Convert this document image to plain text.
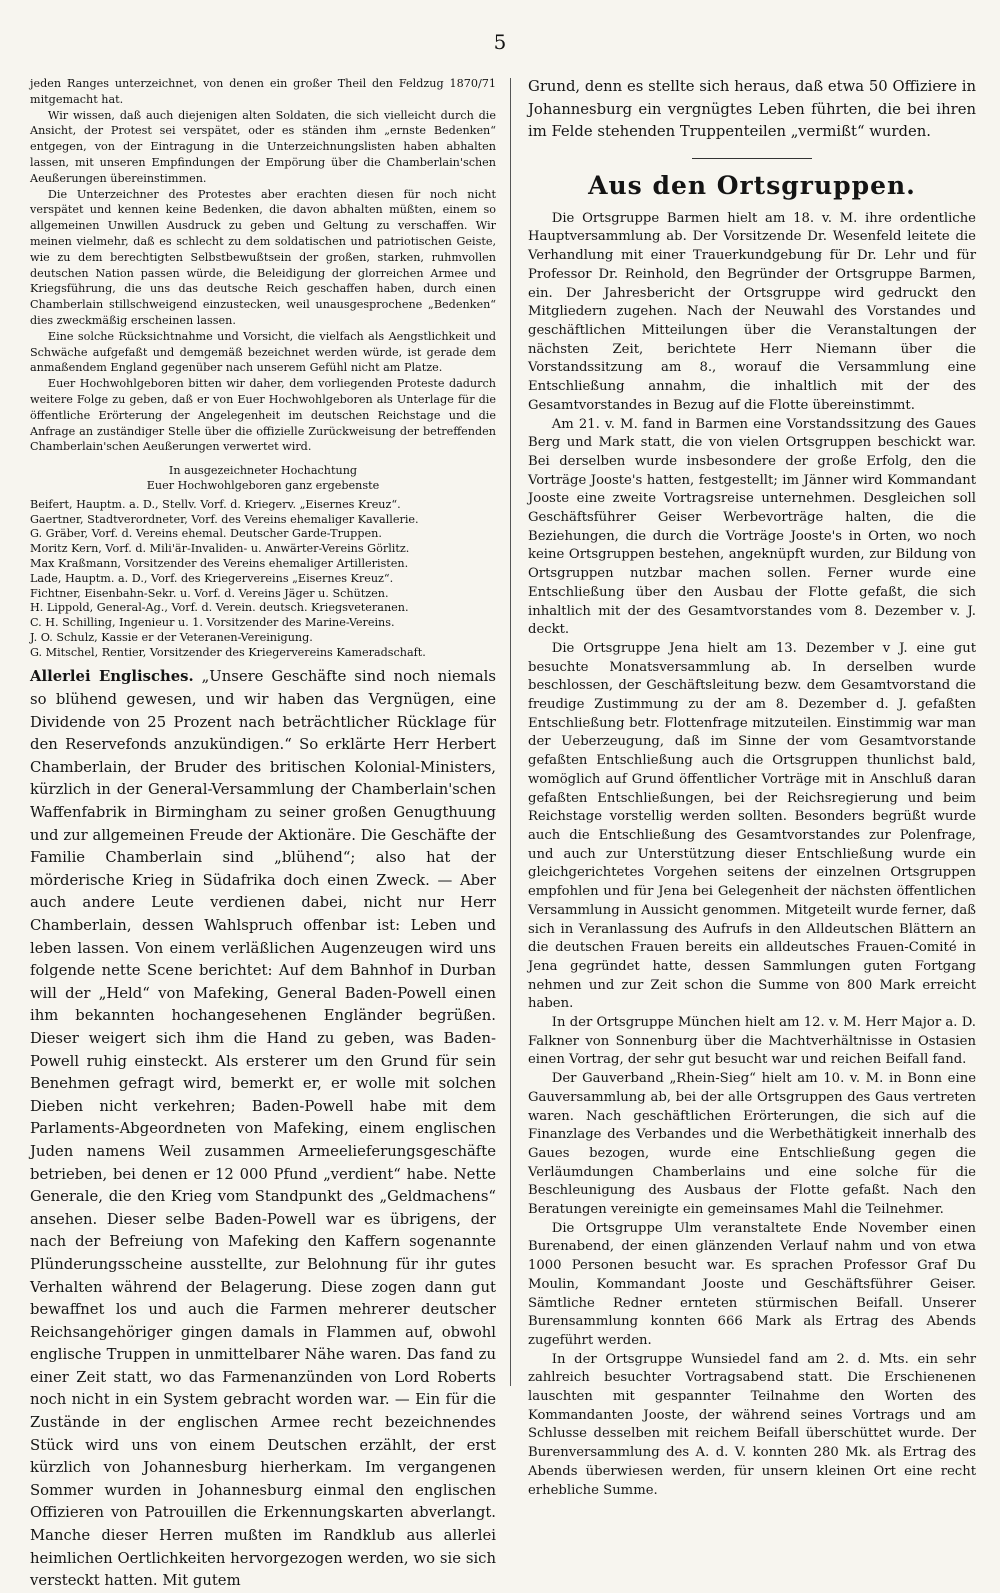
5

jeden Ranges unterzeichnet, von denen ein großer Theil den Feldzug 1870/71 mitgemacht hat.

Wir wissen, daß auch diejenigen alten Soldaten, die sich vielleicht durch die Ansicht, der Protest sei verspätet, oder es ständen ihm „ernste Bedenken“ entgegen, von der Eintragung in die Unterzeichnungslisten haben abhalten lassen, mit unseren Empfindungen der Empörung über die Chamberlain'schen Aeußerungen übereinstimmen.

Die Unterzeichner des Protestes aber erachten diesen für noch nicht verspätet und kennen keine Bedenken, die davon abhalten müßten, einem so allgemeinen Unwillen Ausdruck zu geben und Geltung zu verschaffen. Wir meinen vielmehr, daß es schlecht zu dem soldatischen und patriotischen Geiste, wie zu dem berechtigten Selbstbewußtsein der großen, starken, ruhmvollen deutschen Nation passen würde, die Beleidigung der glorreichen Armee und Kriegsführung, die uns das deutsche Reich geschaffen haben, durch einen Chamberlain stillschweigend einzustecken, weil unausgesprochene „Bedenken“ dies zweckmäßig erscheinen lassen.

Eine solche Rücksichtnahme und Vorsicht, die vielfach als Aengstlichkeit und Schwäche aufgefaßt und demgemäß bezeichnet werden würde, ist gerade dem anmaßendem England gegenüber nach unserem Gefühl nicht am Platze.

Euer Hochwohlgeboren bitten wir daher, dem vorliegenden Proteste dadurch weitere Folge zu geben, daß er von Euer Hochwohlgeboren als Unterlage für die öffentliche Erörterung der Angelegenheit im deutschen Reichstage und die Anfrage an zuständiger Stelle über die offizielle Zurückweisung der betreffenden Chamberlain'schen Aeußerungen verwertet wird.

In ausgezeichneter Hochachtung

Euer Hochwohlgeboren ganz ergebenste

Beifert, Hauptm. a. D., Stellv. Vorf. d. Kriegerv. „Eisernes Kreuz“.

Gaertner, Stadtverordneter, Vorf. des Vereins ehemaliger Kavallerie.

G. Gräber, Vorf. d. Vereins ehemal. Deutscher Garde-Truppen.

Moritz Kern, Vorf. d. Mili'är-Invaliden- u. Anwärter-Vereins Görlitz.

Max Kraßmann, Vorsitzender des Vereins ehemaliger Artilleristen.

Lade, Hauptm. a. D., Vorf. des Kriegervereins „Eisernes Kreuz“.

Fichtner, Eisenbahn-Sekr. u. Vorf. d. Vereins Jäger u. Schützen.

H. Lippold, General-Ag., Vorf. d. Verein. deutsch. Kriegsveteranen.

C. H. Schilling, Ingenieur u. 1. Vorsitzender des Marine-Vereins.

J. O. Schulz, Kassie er der Veteranen-Vereinigung.

G. Mitschel, Rentier, Vorsitzender des Kriegervereins Kameradschaft.

Allerlei Englisches. „Unsere Geschäfte sind noch niemals so blühend gewesen, und wir haben das Vergnügen, eine Dividende von 25 Prozent nach beträchtlicher Rücklage für den Reservefonds anzukündigen.“ So erklärte Herr Herbert Chamberlain, der Bruder des britischen Kolonial-Ministers, kürzlich in der General-Versammlung der Chamberlain'schen Waffenfabrik in Birmingham zu seiner großen Genugthuung und zur allgemeinen Freude der Aktionäre. Die Geschäfte der Familie Chamberlain sind „blühend“; also hat der mörderische Krieg in Südafrika doch einen Zweck. — Aber auch andere Leute verdienen dabei, nicht nur Herr Chamberlain, dessen Wahlspruch offenbar ist: Leben und leben lassen. Von einem verläßlichen Augenzeugen wird uns folgende nette Scene berichtet: Auf dem Bahnhof in Durban will der „Held“ von Mafeking, General Baden-Powell einen ihm bekannten hochangesehenen Engländer begrüßen. Dieser weigert sich ihm die Hand zu geben, was Baden-Powell ruhig einsteckt. Als ersterer um den Grund für sein Benehmen gefragt wird, bemerkt er, er wolle mit solchen Dieben nicht verkehren; Baden-Powell habe mit dem Parlaments-Abgeordneten von Mafeking, einem englischen Juden namens Weil zusammen Armeelieferungsgeschäfte betrieben, bei denen er 12 000 Pfund „verdient“ habe. Nette Generale, die den Krieg vom Standpunkt des „Geldmachens“ ansehen. Dieser selbe Baden-Powell war es übrigens, der nach der Befreiung von Mafeking den Kaffern sogenannte Plünderungsscheine ausstellte, zur Belohnung für ihr gutes Verhalten während der Belagerung. Diese zogen dann gut bewaffnet los und auch die Farmen mehrerer deutscher Reichsangehöriger gingen damals in Flammen auf, obwohl englische Truppen in unmittelbarer Nähe waren. Das fand zu einer Zeit statt, wo das Farmenanzünden von Lord Roberts noch nicht in ein System gebracht worden war. — Ein für die Zustände in der englischen Armee recht bezeichnendes Stück wird uns von einem Deutschen erzählt, der erst kürzlich von Johannesburg hierherkam. Im vergangenen Sommer wurden in Johannesburg einmal den englischen Offizieren von Patrouillen die Erkennungskarten abverlangt. Manche dieser Herren mußten im Randklub aus allerlei heimlichen Oertlichkeiten hervorgezogen werden, wo sie sich versteckt hatten. Mit gutem

Grund, denn es stellte sich heraus, daß etwa 50 Offiziere in Johannesburg ein vergnügtes Leben führten, die bei ihren im Felde stehenden Truppenteilen „vermißt“ wurden.

Aus den Ortsgruppen.

Die Ortsgruppe Barmen hielt am 18. v. M. ihre ordentliche Hauptversammlung ab. Der Vorsitzende Dr. Wesenfeld leitete die Verhandlung mit einer Trauerkundgebung für Dr. Lehr und für Professor Dr. Reinhold, den Begründer der Ortsgruppe Barmen, ein. Der Jahresbericht der Ortsgruppe wird gedruckt den Mitgliedern zugehen. Nach der Neuwahl des Vorstandes und geschäftlichen Mitteilungen über die Veranstaltungen der nächsten Zeit, berichtete Herr Niemann über die Vorstandssitzung am 8., worauf die Versammlung eine Entschließung annahm, die inhaltlich mit der des Gesamtvorstandes in Bezug auf die Flotte übereinstimmt.

Am 21. v. M. fand in Barmen eine Vorstandssitzung des Gaues Berg und Mark statt, die von vielen Ortsgruppen beschickt war. Bei derselben wurde insbesondere der große Erfolg, den die Vorträge Jooste's hatten, festgestellt; im Jänner wird Kommandant Jooste eine zweite Vortragsreise unternehmen. Desgleichen soll Geschäftsführer Geiser Werbevorträge halten, die die Beziehungen, die durch die Vorträge Jooste's in Orten, wo noch keine Ortsgruppen bestehen, angeknüpft wurden, zur Bildung von Ortsgruppen nutzbar machen sollen. Ferner wurde eine Entschließung über den Ausbau der Flotte gefaßt, die sich inhaltlich mit der des Gesamtvorstandes vom 8. Dezember v. J. deckt.

Die Ortsgruppe Jena hielt am 13. Dezember v J. eine gut besuchte Monatsversammlung ab. In derselben wurde beschlossen, der Geschäftsleitung bezw. dem Gesamtvorstand die freudige Zustimmung zu der am 8. Dezember d. J. gefaßten Entschließung betr. Flottenfrage mitzuteilen. Einstimmig war man der Ueberzeugung, daß im Sinne der vom Gesamtvorstande gefaßten Entschließung auch die Ortsgruppen thunlichst bald, womöglich auf Grund öffentlicher Vorträge mit in Anschluß daran gefaßten Entschließungen, bei der Reichsregierung und beim Reichstage vorstellig werden sollten. Besonders begrüßt wurde auch die Entschließung des Gesamtvorstandes zur Polenfrage, und auch zur Unterstützung dieser Entschließung wurde ein gleichgerichtetes Vorgehen seitens der einzelnen Ortsgruppen empfohlen und für Jena bei Gelegenheit der nächsten öffentlichen Versammlung in Aussicht genommen. Mitgeteilt wurde ferner, daß sich in Veranlassung des Aufrufs in den Alldeutschen Blättern an die deutschen Frauen bereits ein alldeutsches Frauen-Comité in Jena gegründet hatte, dessen Sammlungen guten Fortgang nehmen und zur Zeit schon die Summe von 800 Mark erreicht haben.

In der Ortsgruppe München hielt am 12. v. M. Herr Major a. D. Falkner von Sonnenburg über die Machtverhältnisse in Ostasien einen Vortrag, der sehr gut besucht war und reichen Beifall fand.

Der Gauverband „Rhein-Sieg“ hielt am 10. v. M. in Bonn eine Gauversammlung ab, bei der alle Ortsgruppen des Gaus vertreten waren. Nach geschäftlichen Erörterungen, die sich auf die Finanzlage des Verbandes und die Werbethätigkeit innerhalb des Gaues bezogen, wurde eine Entschließung gegen die Verläumdungen Chamberlains und eine solche für die Beschleunigung des Ausbaus der Flotte gefaßt. Nach den Beratungen vereinigte ein gemeinsames Mahl die Teilnehmer.

Die Ortsgruppe Ulm veranstaltete Ende November einen Burenabend, der einen glänzenden Verlauf nahm und von etwa 1000 Personen besucht war. Es sprachen Professor Graf Du Moulin, Kommandant Jooste und Geschäftsführer Geiser. Sämtliche Redner ernteten stürmischen Beifall. Unserer Burensammlung konnten 666 Mark als Ertrag des Abends zugeführt werden.

In der Ortsgruppe Wunsiedel fand am 2. d. Mts. ein sehr zahlreich besuchter Vortragsabend statt. Die Erschienenen lauschten mit gespannter Teilnahme den Worten des Kommandanten Jooste, der während seines Vortrags und am Schlusse desselben mit reichem Beifall überschüttet wurde. Der Burenversammlung des A. d. V. konnten 280 Mk. als Ertrag des Abends überwiesen werden, für unsern kleinen Ort eine recht erhebliche Summe.
